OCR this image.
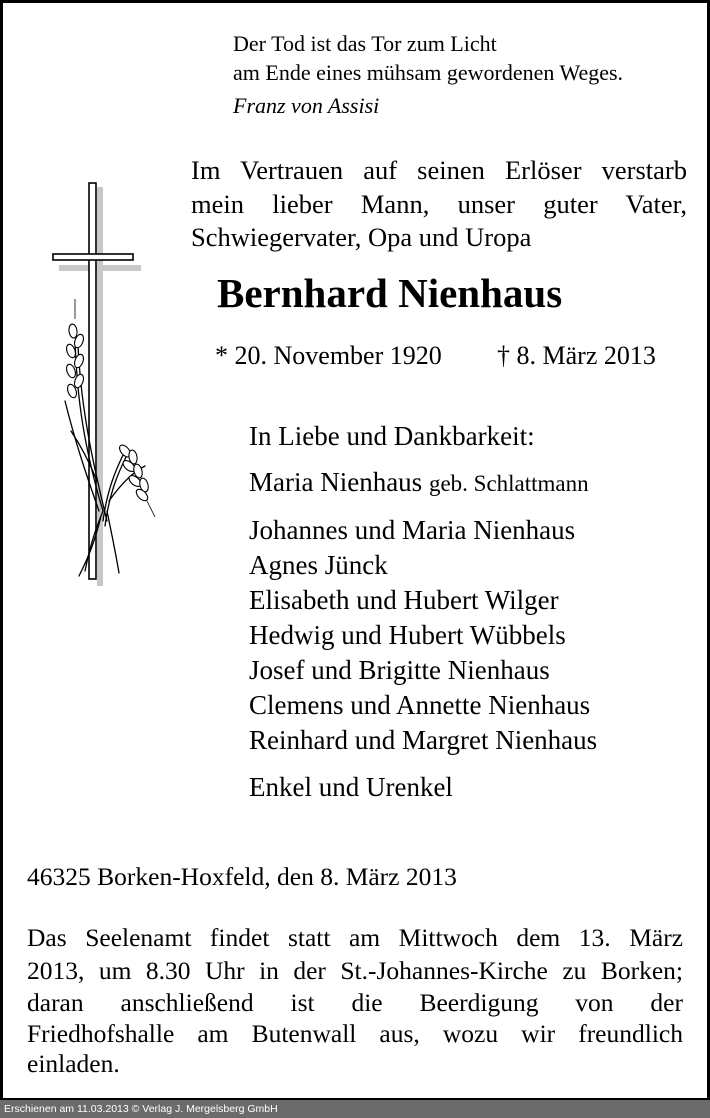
Der Tod ist das Tor zum Licht
am Ende eines mühsam gewordenen Weges.
Franz von Assisi
Im Vertrauen auf seinen Erlöser verstarb
mein lieber Mann, unser guter Vater,
Schwiegervater, Opa und Uropa
Bernhard Nienhaus
* 20. November 1920 † 8. März 2013
In Liebe und Dankbarkeit:
Maria Nienhaus geb. Schlattmann
Johannes und Maria Nienhaus
Agnes Jünck
Elisabeth und Hubert Wilger
Hedwig und Hubert Wübbels
Josef und Brigitte Nienhaus
Clemens und Annette Nienhaus
Reinhard und Margret Nienhaus
Enkel und Urenkel
46325 Borken-Hoxfeld, den 8. März 2013
Das Seelenamt findet statt am Mittwoch dem 13. März
2013, um 8.30 Uhr in der St.-Johannes-Kirche zu Borken;
daran anschließend ist die Beerdigung von der
Friedhofshalle am Butenwall aus, wozu wir freundlich
einladen.
Erschienen am 11.03.2013 © Verlag J. Mergelsberg GmbH
